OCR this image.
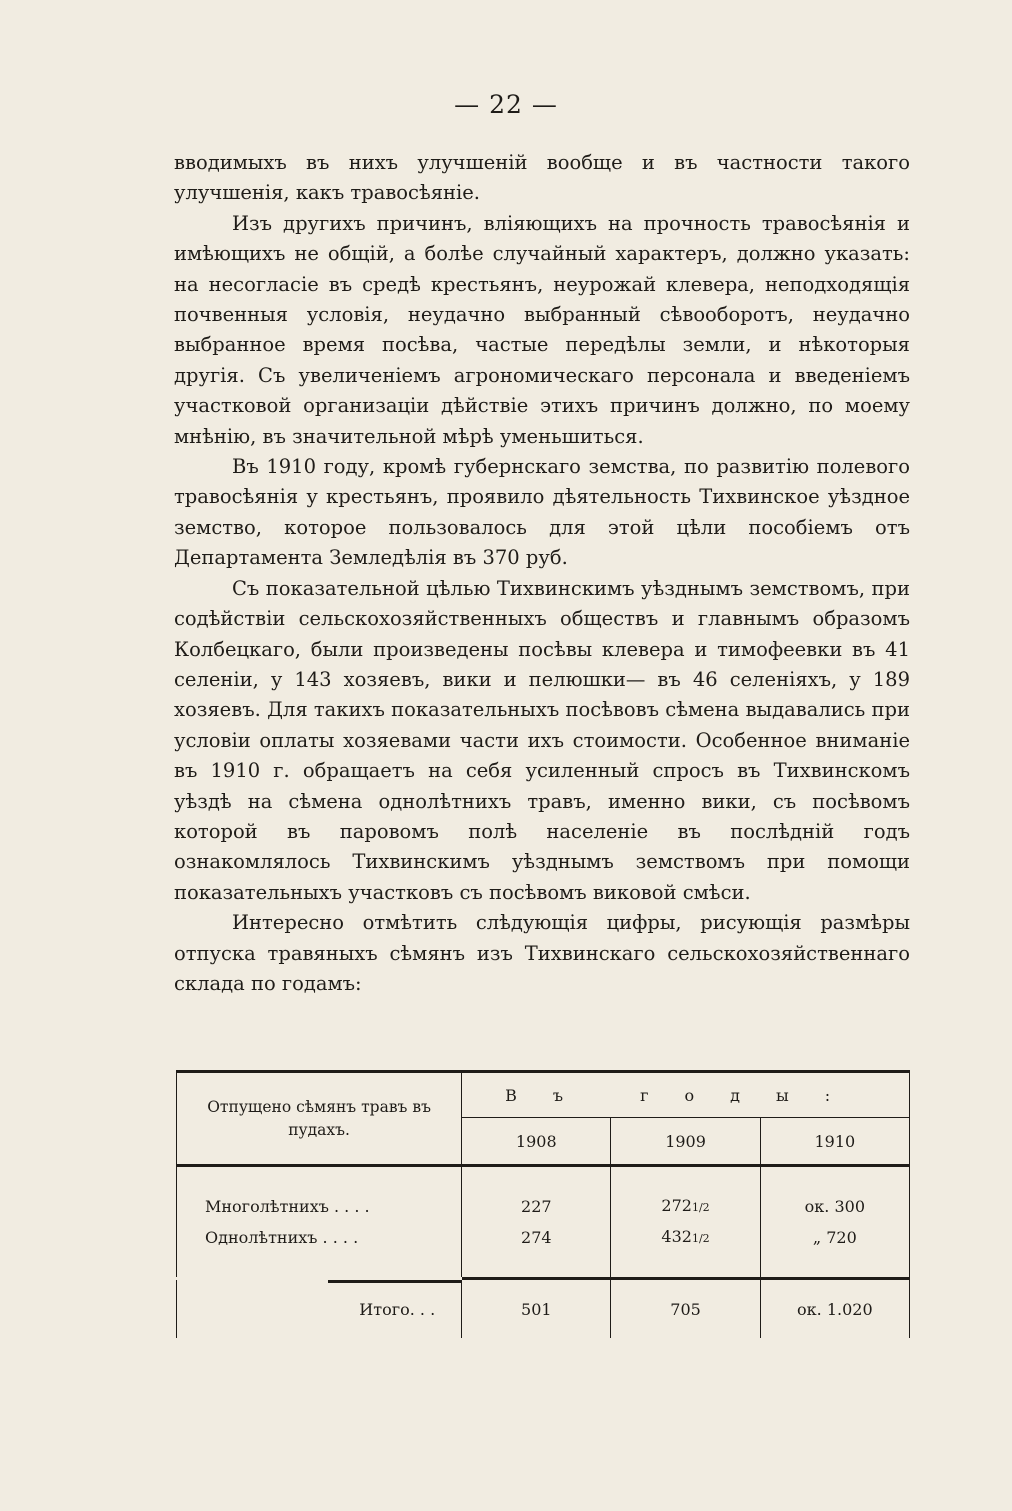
— 22 —

вводимыхъ въ нихъ улучшенiй вообще и въ частности такого улучшенiя, какъ травосѣянiе.

Изъ другихъ причинъ, влiяющихъ на прочность травосѣянiя и имѣющихъ не общiй, а болѣе случайный характеръ, должно указать: на несогласiе въ средѣ крестьянъ, неурожай клевера, неподходящiя почвенныя условiя, неудачно выбранный сѣвооборотъ, неудачно выбранное время посѣва, частые передѣлы земли, и нѣкоторыя другiя. Съ увеличенiемъ агрономическаго персонала и введенiемъ участковой организацiи дѣйствiе этихъ причинъ должно, по моему мнѣнiю, въ значительной мѣрѣ уменьшиться.

Въ 1910 году, кромѣ губернскаго земства, по развитiю полевого травосѣянiя у крестьянъ, проявило дѣятельность Тихвинское уѣздное земство, которое пользовалось для этой цѣли пособiемъ отъ Департамента Земледѣлiя въ 370 руб.

Съ показательной цѣлью Тихвинскимъ уѣзднымъ земствомъ, при содѣйствiи сельскохозяйственныхъ обществъ и главнымъ образомъ Колбецкаго, были произведены посѣвы клевера и тимофеевки въ 41 селенiи, у 143 хозяевъ, вики и пелюшки— въ 46 селенiяхъ, у 189 хозяевъ. Для такихъ показательныхъ посѣвовъ сѣмена выдавались при условiи оплаты хозяевами части ихъ стоимости. Особенное вниманiе въ 1910 г. обращаетъ на себя усиленный спросъ въ Тихвинскомъ уѣздѣ на сѣмена однолѣтнихъ травъ, именно вики, съ посѣвомъ которой въ паровомъ полѣ населенiе въ послѣднiй годъ ознакомлялось Тихвинскимъ уѣзднымъ земствомъ при помощи показательныхъ участковъ съ посѣвомъ виковой смѣси.

Интересно отмѣтить слѣдующiя цифры, рисующiя размѣры отпуска травяныхъ сѣмянъ изъ Тихвинскаго сельскохозяйственнаго склада по годамъ:

Отпущено сѣмянъ травъ въ пудахъ.	Въ годы:		
	1908	1909	1910

Многолѣтнихъ . . . .	227	2721/2	ок. 300
Однолѣтнихъ . . . .	274	4321/2	„ 720

Итого. . .	501	705	ок. 1.020
